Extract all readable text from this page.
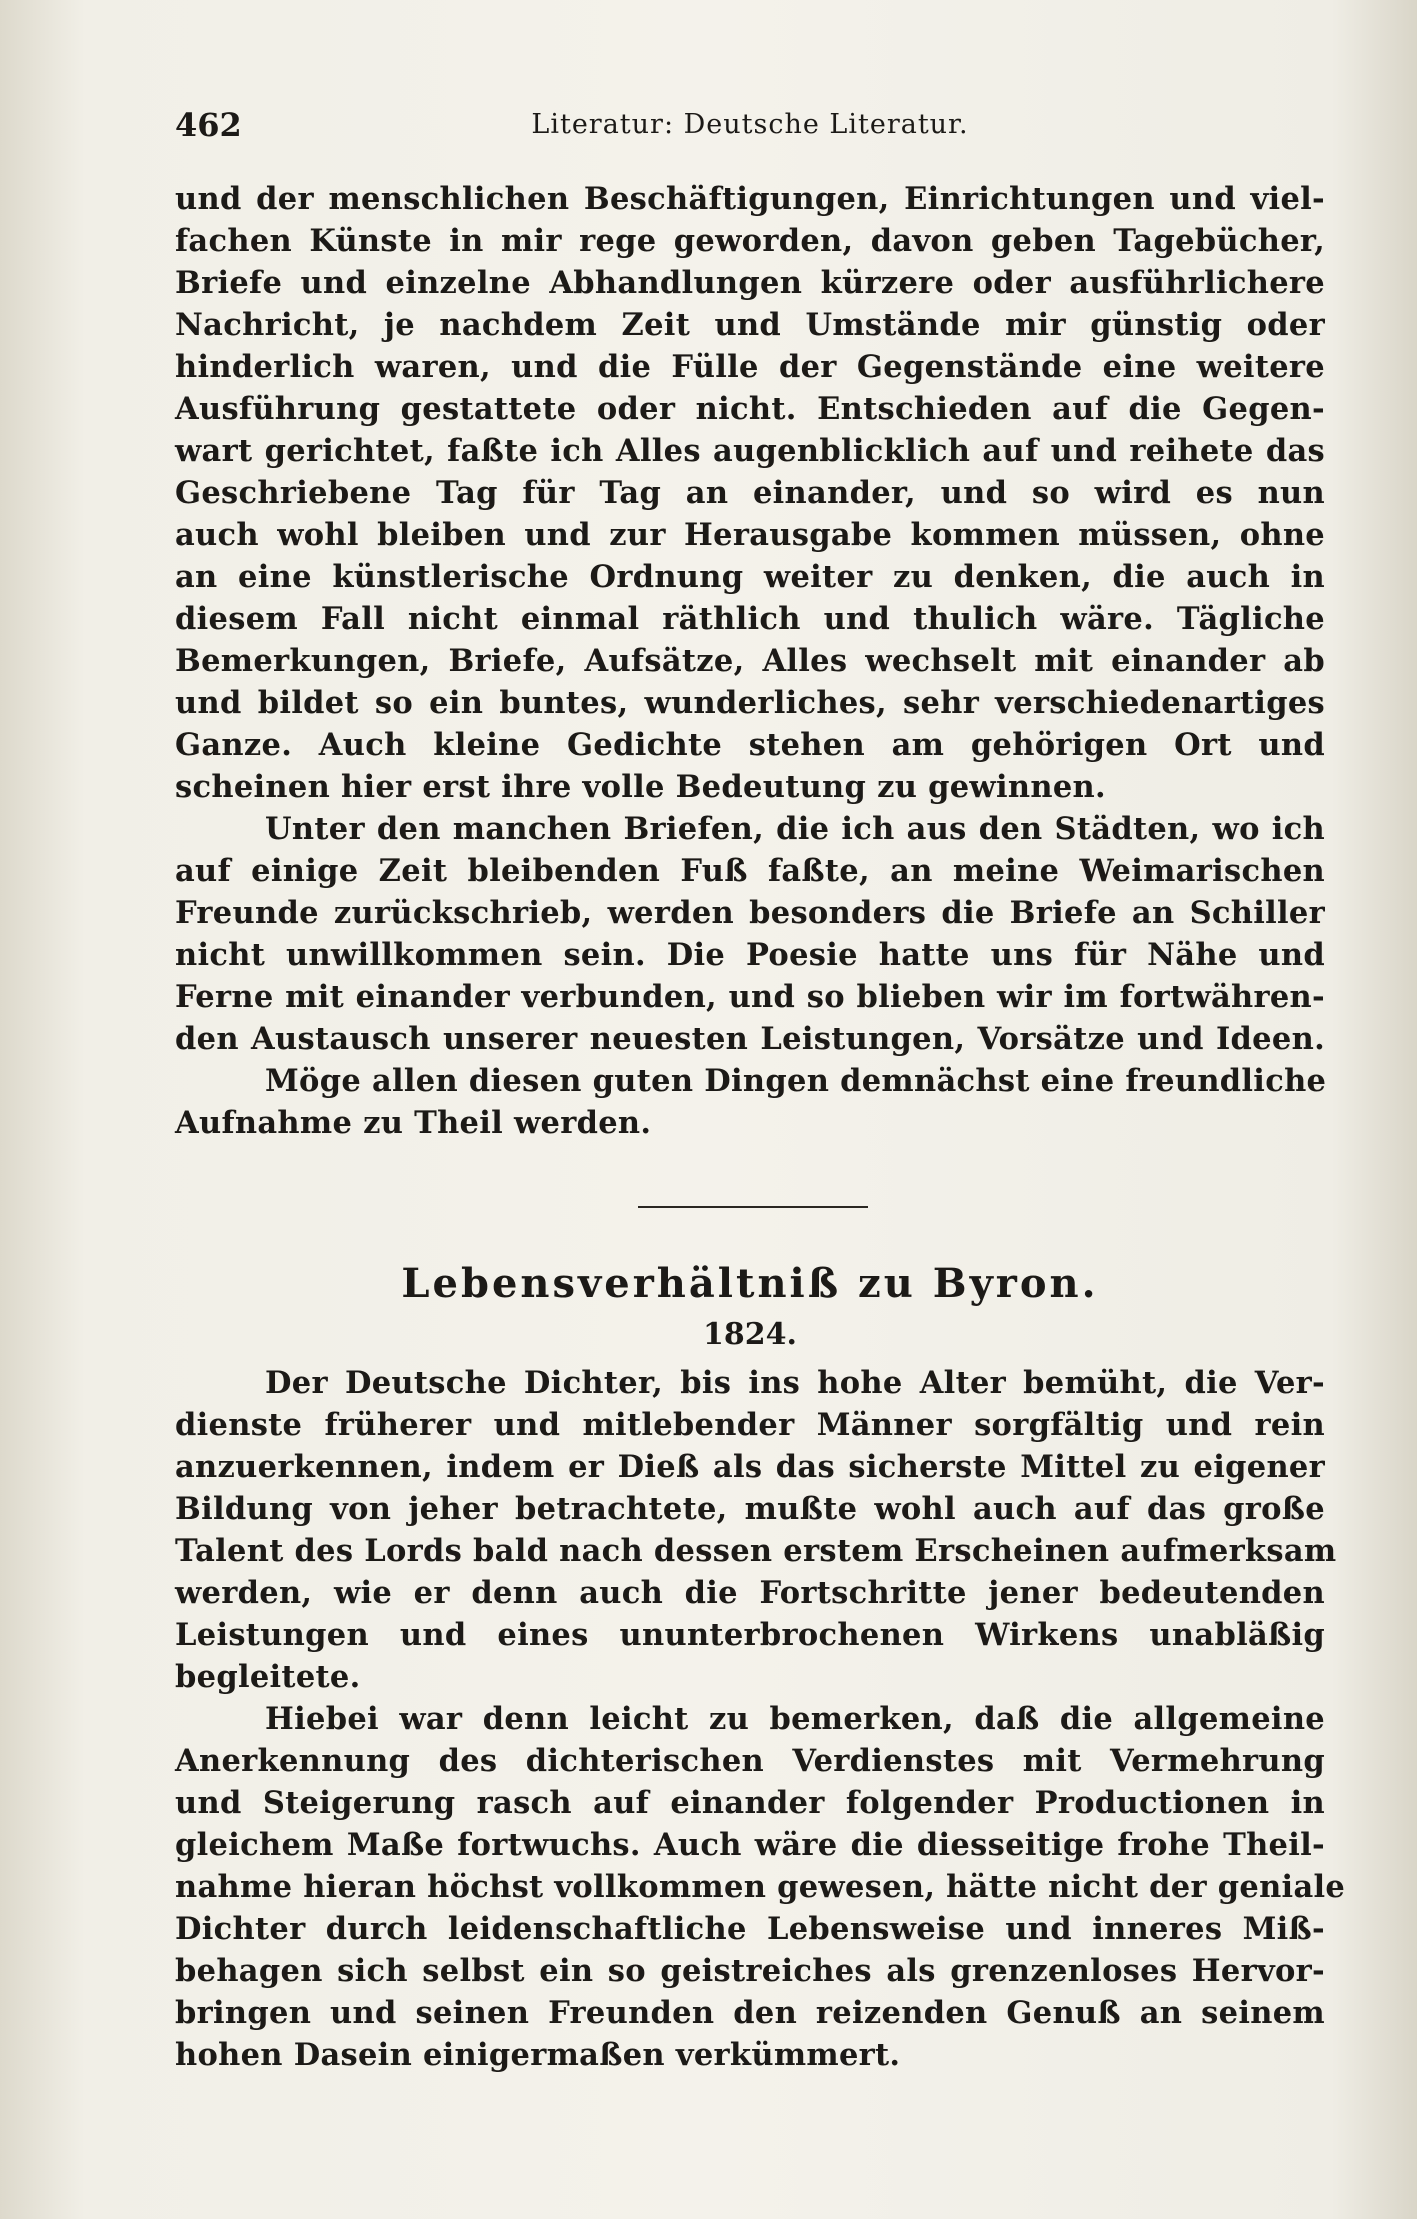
462	Literatur: Deutsche Literatur.
und der menschlichen Beschäftigungen, Einrichtungen und viel-
fachen Künste in mir rege geworden, davon geben Tagebücher,
Briefe und einzelne Abhandlungen kürzere oder ausführlichere
Nachricht, je nachdem Zeit und Umstände mir günstig oder
hinderlich waren, und die Fülle der Gegenstände eine weitere
Ausführung gestattete oder nicht. Entschieden auf die Gegen-
wart gerichtet, faßte ich Alles augenblicklich auf und reihete das
Geschriebene Tag für Tag an einander, und so wird es nun
auch wohl bleiben und zur Herausgabe kommen müssen, ohne
an eine künstlerische Ordnung weiter zu denken, die auch in
diesem Fall nicht einmal räthlich und thulich wäre. Tägliche
Bemerkungen, Briefe, Aufsätze, Alles wechselt mit einander ab
und bildet so ein buntes, wunderliches, sehr verschiedenartiges
Ganze. Auch kleine Gedichte stehen am gehörigen Ort und
scheinen hier erst ihre volle Bedeutung zu gewinnen.
Unter den manchen Briefen, die ich aus den Städten, wo ich
auf einige Zeit bleibenden Fuß faßte, an meine Weimarischen
Freunde zurückschrieb, werden besonders die Briefe an Schiller
nicht unwillkommen sein. Die Poesie hatte uns für Nähe und
Ferne mit einander verbunden, und so blieben wir im fortwähren-
den Austausch unserer neuesten Leistungen, Vorsätze und Ideen.
Möge allen diesen guten Dingen demnächst eine freundliche
Aufnahme zu Theil werden.
Lebensverhältniß zu Byron.
1824.
Der Deutsche Dichter, bis ins hohe Alter bemüht, die Ver-
dienste früherer und mitlebender Männer sorgfältig und rein
anzuerkennen, indem er Dieß als das sicherste Mittel zu eigener
Bildung von jeher betrachtete, mußte wohl auch auf das große
Talent des Lords bald nach dessen erstem Erscheinen aufmerksam
werden, wie er denn auch die Fortschritte jener bedeutenden
Leistungen und eines ununterbrochenen Wirkens unabläßig
begleitete.
Hiebei war denn leicht zu bemerken, daß die allgemeine
Anerkennung des dichterischen Verdienstes mit Vermehrung
und Steigerung rasch auf einander folgender Productionen in
gleichem Maße fortwuchs. Auch wäre die diesseitige frohe Theil-
nahme hieran höchst vollkommen gewesen, hätte nicht der geniale
Dichter durch leidenschaftliche Lebensweise und inneres Miß-
behagen sich selbst ein so geistreiches als grenzenloses Hervor-
bringen und seinen Freunden den reizenden Genuß an seinem
hohen Dasein einigermaßen verkümmert.
